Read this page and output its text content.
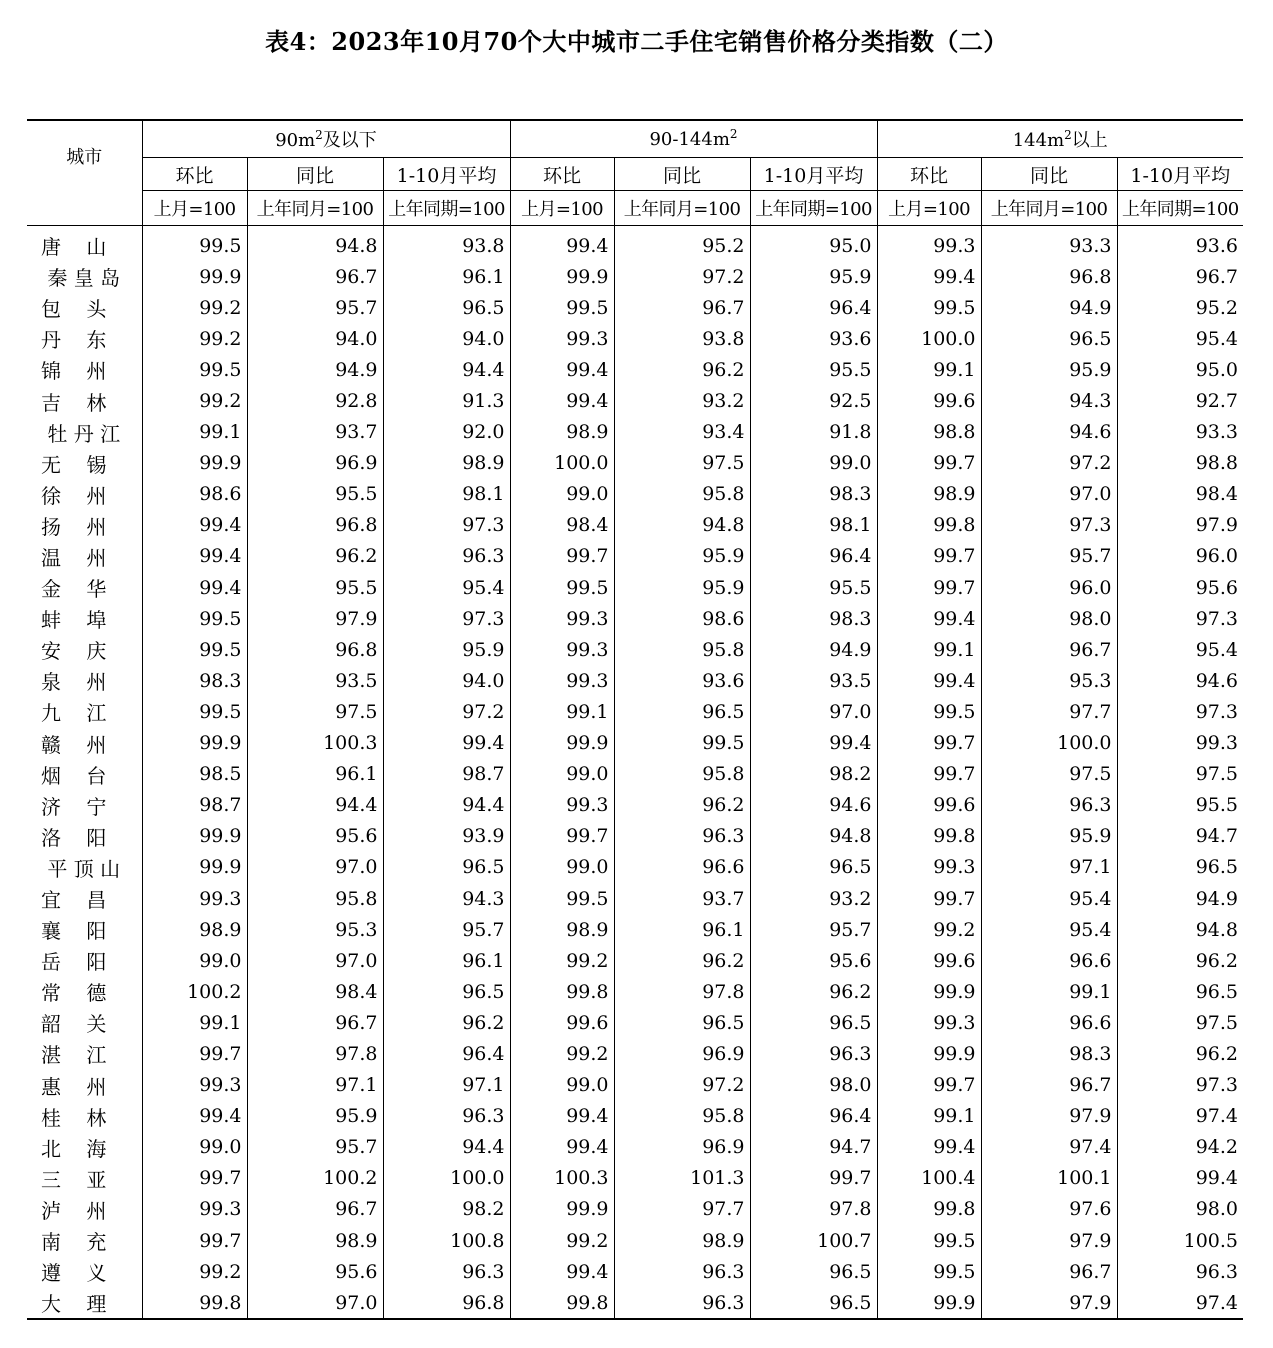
表4：2023年10月70个大中城市二手住宅销售价格分类指数（二）
城市	$90m^2$及以下			$90-144m^2$			$144m^2$以上		
	环比	同比	1-10月平均	环比	同比	1-10月平均	环比	同比	1-10月平均
	上月=100	上年同月=100	上年同期=100	上月=100	上年同月=100	上年同期=100	上月=100	上年同月=100	上年同期=100
唐    山	99.5	94.8	93.8	99.4	95.2	95.0	99.3	93.3	93.6
秦 皇 岛	99.9	96.7	96.1	99.9	97.2	95.9	99.4	96.8	96.7
包    头	99.2	95.7	96.5	99.5	96.7	96.4	99.5	94.9	95.2
丹    东	99.2	94.0	94.0	99.3	93.8	93.6	100.0	96.5	95.4
锦    州	99.5	94.9	94.4	99.4	96.2	95.5	99.1	95.9	95.0
吉    林	99.2	92.8	91.3	99.4	93.2	92.5	99.6	94.3	92.7
牡 丹 江	99.1	93.7	92.0	98.9	93.4	91.8	98.8	94.6	93.3
无    锡	99.9	96.9	98.9	100.0	97.5	99.0	99.7	97.2	98.8
徐    州	98.6	95.5	98.1	99.0	95.8	98.3	98.9	97.0	98.4
扬    州	99.4	96.8	97.3	98.4	94.8	98.1	99.8	97.3	97.9
温    州	99.4	96.2	96.3	99.7	95.9	96.4	99.7	95.7	96.0
金    华	99.4	95.5	95.4	99.5	95.9	95.5	99.7	96.0	95.6
蚌    埠	99.5	97.9	97.3	99.3	98.6	98.3	99.4	98.0	97.3
安    庆	99.5	96.8	95.9	99.3	95.8	94.9	99.1	96.7	95.4
泉    州	98.3	93.5	94.0	99.3	93.6	93.5	99.4	95.3	94.6
九    江	99.5	97.5	97.2	99.1	96.5	97.0	99.5	97.7	97.3
赣    州	99.9	100.3	99.4	99.9	99.5	99.4	99.7	100.0	99.3
烟    台	98.5	96.1	98.7	99.0	95.8	98.2	99.7	97.5	97.5
济    宁	98.7	94.4	94.4	99.3	96.2	94.6	99.6	96.3	95.5
洛    阳	99.9	95.6	93.9	99.7	96.3	94.8	99.8	95.9	94.7
平 顶 山	99.9	97.0	96.5	99.0	96.6	96.5	99.3	97.1	96.5
宜    昌	99.3	95.8	94.3	99.5	93.7	93.2	99.7	95.4	94.9
襄    阳	98.9	95.3	95.7	98.9	96.1	95.7	99.2	95.4	94.8
岳    阳	99.0	97.0	96.1	99.2	96.2	95.6	99.6	96.6	96.2
常    德	100.2	98.4	96.5	99.8	97.8	96.2	99.9	99.1	96.5
韶    关	99.1	96.7	96.2	99.6	96.5	96.5	99.3	96.6	97.5
湛    江	99.7	97.8	96.4	99.2	96.9	96.3	99.9	98.3	96.2
惠    州	99.3	97.1	97.1	99.0	97.2	98.0	99.7	96.7	97.3
桂    林	99.4	95.9	96.3	99.4	95.8	96.4	99.1	97.9	97.4
北    海	99.0	95.7	94.4	99.4	96.9	94.7	99.4	97.4	94.2
三    亚	99.7	100.2	100.0	100.3	101.3	99.7	100.4	100.1	99.4
泸    州	99.3	96.7	98.2	99.9	97.7	97.8	99.8	97.6	98.0
南    充	99.7	98.9	100.8	99.2	98.9	100.7	99.5	97.9	100.5
遵    义	99.2	95.6	96.3	99.4	96.3	96.5	99.5	96.7	96.3
大    理	99.8	97.0	96.8	99.8	96.3	96.5	99.9	97.9	97.4
